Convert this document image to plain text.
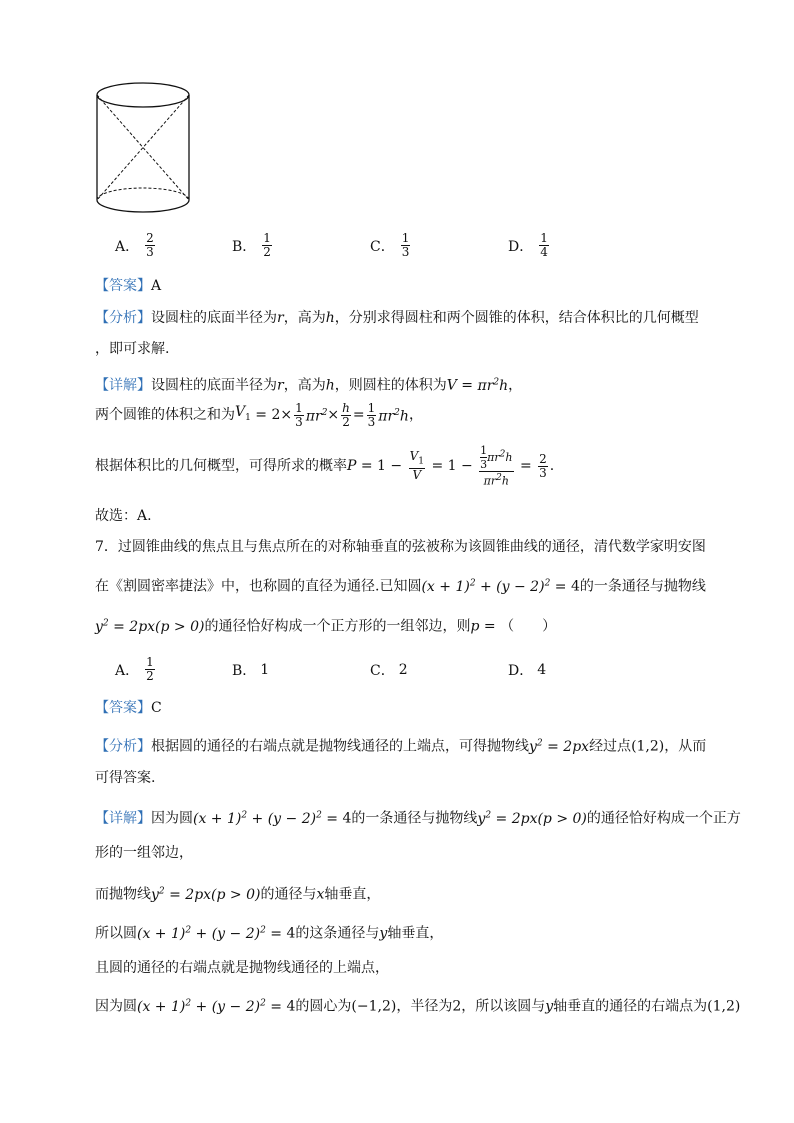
A． $\frac{2}{3}$	B． $\frac{1}{2}$	C． $\frac{1}{3}$	D． $\frac{1}{4}$
【答案】A
【分析】设圆柱的底面半径为r，高为h，分别求得圆柱和两个圆锥的体积，结合体积比的几何概型
，即可求解.
【详解】设圆柱的底面半径为r，高为h，则圆柱的体积为$V = \pi r^2h$，
两个圆锥的体积之和为 $V_1 = 2\times \frac{1}{3} \pi r^2 \times \frac{h}{2} = \frac{1}{3} \pi r^2h$ ，
根据体积比的几何概型，可得所求的概率 $P = 1 - \frac{V_1}{V} = 1 - \frac{\frac{1}{3} \pi r^2h}{\pi r^2h} = \frac{2}{3}$ .
故选：A.
7．过圆锥曲线的焦点且与焦点所在的对称轴垂直的弦被称为该圆锥曲线的通径，清代数学家明安图
在《割圆密率捷法》中，也称圆的直径为通径.已知圆$(x + 1)^2 + (y - 2)^2 = 4$的一条通径与抛物线
$y^2 = 2px(p > 0)$的通径恰好构成一个正方形的一组邻边，则p = （　　）
A． $\frac{1}{2}$	B． 1	C． 2	D． 4
【答案】C
【分析】根据圆的通径的右端点就是抛物线通径的上端点，可得抛物线$y^2 = 2px$经过点(1,2)，从而
可得答案.
【详解】因为圆$(x + 1)^2 + (y - 2)^2 = 4$的一条通径与抛物线$y^2 = 2px(p > 0)$的通径恰好构成一个正方
形的一组邻边，
而抛物线$y^2 = 2px(p > 0)$的通径与x轴垂直，
所以圆$(x + 1)^2 + (y - 2)^2 = 4$的这条通径与y轴垂直，
且圆的通径的右端点就是抛物线通径的上端点，
因为圆$(x + 1)^2 + (y - 2)^2 = 4$的圆心为(−1,2)，半径为2，所以该圆与y轴垂直的通径的右端点为(1,2)
